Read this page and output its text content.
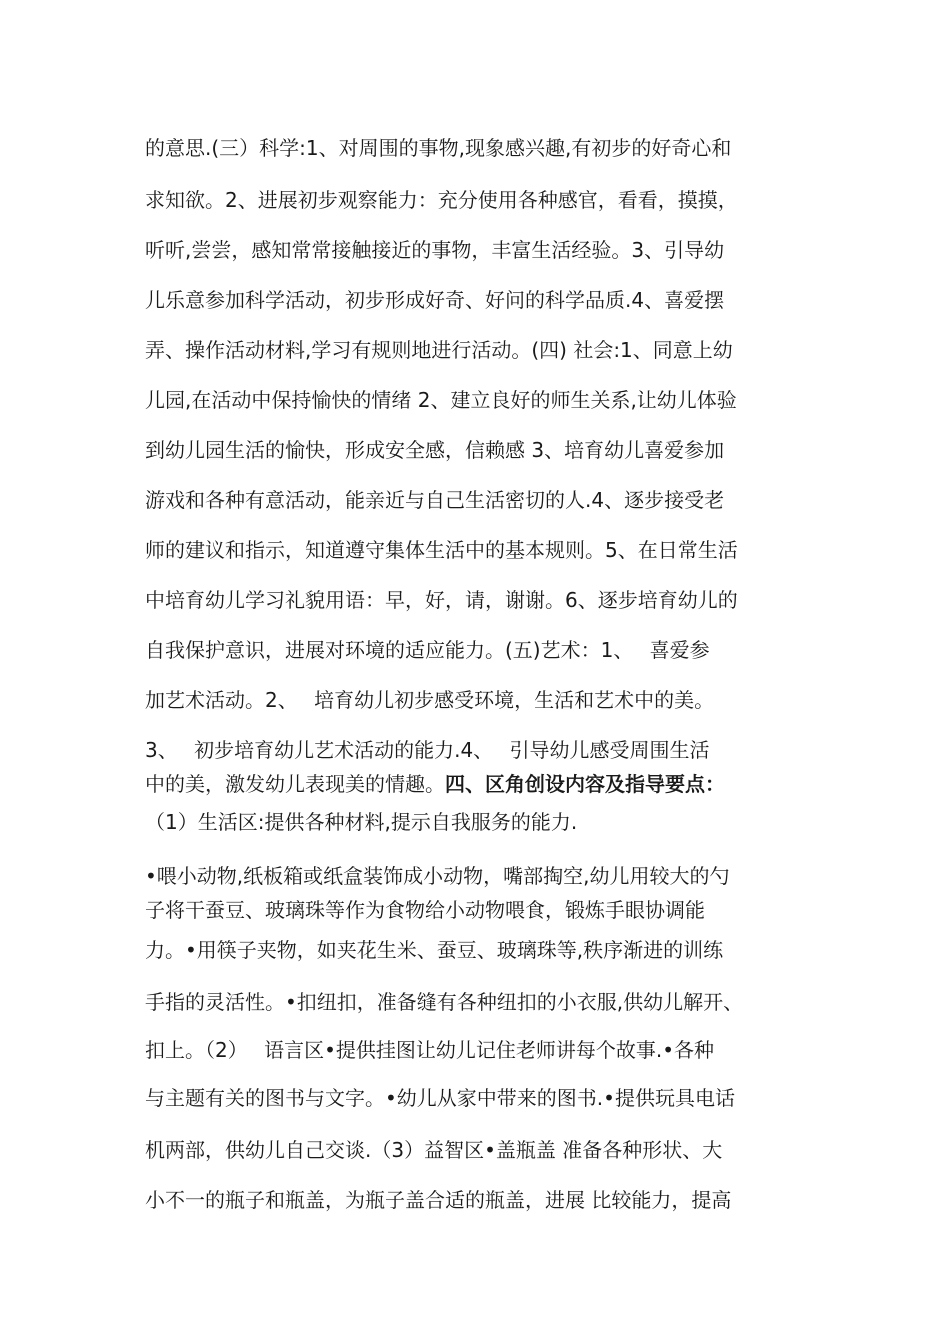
的意思.(三）科学:1、对周围的事物,现象感兴趣,有初步的好奇心和
求知欲。2、进展初步观察能力：充分使用各种感官，看看，摸摸，
听听,尝尝，感知常常接触接近的事物，丰富生活经验。3、引导幼
儿乐意参加科学活动，初步形成好奇、好问的科学品质.4、喜爱摆
弄、操作活动材料,学习有规则地进行活动。(四) 社会:1、同意上幼
儿园,在活动中保持愉快的情绪 2、建立良好的师生关系,让幼儿体验
到幼儿园生活的愉快，形成安全感，信赖感 3、培育幼儿喜爱参加
游戏和各种有意活动，能亲近与自己生活密切的人.4、逐步接受老
师的建议和指示，知道遵守集体生活中的基本规则。5、在日常生活
中培育幼儿学习礼貌用语：早，好，请，谢谢。6、逐步培育幼儿的
自我保护意识，进展对环境的适应能力。(五)艺术：1、　 喜爱参
加艺术活动。2、　 培育幼儿初步感受环境，生活和艺术中的美。
3、　 初步培育幼儿艺术活动的能力.4、　 引导幼儿感受周围生活
中的美，激发幼儿表现美的情趣。四、区角创设内容及指导要点：
（1）生活区:提供各种材料,提示自我服务的能力.
•喂小动物,纸板箱或纸盒装饰成小动物，嘴部掏空,幼儿用较大的勺
子将干蚕豆、玻璃珠等作为食物给小动物喂食，锻炼手眼协调能
力。•用筷子夹物，如夹花生米、蚕豆、玻璃珠等,秩序渐进的训练
手指的灵活性。•扣纽扣，准备缝有各种纽扣的小衣服,供幼儿解开、
扣上。（2）　 语言区•提供挂图让幼儿记住老师讲每个故事.•各种
与主题有关的图书与文字。•幼儿从家中带来的图书.•提供玩具电话
机两部，供幼儿自己交谈.（3）益智区•盖瓶盖 准备各种形状、大
小不一的瓶子和瓶盖，为瓶子盖合适的瓶盖，进展 比较能力，提高
